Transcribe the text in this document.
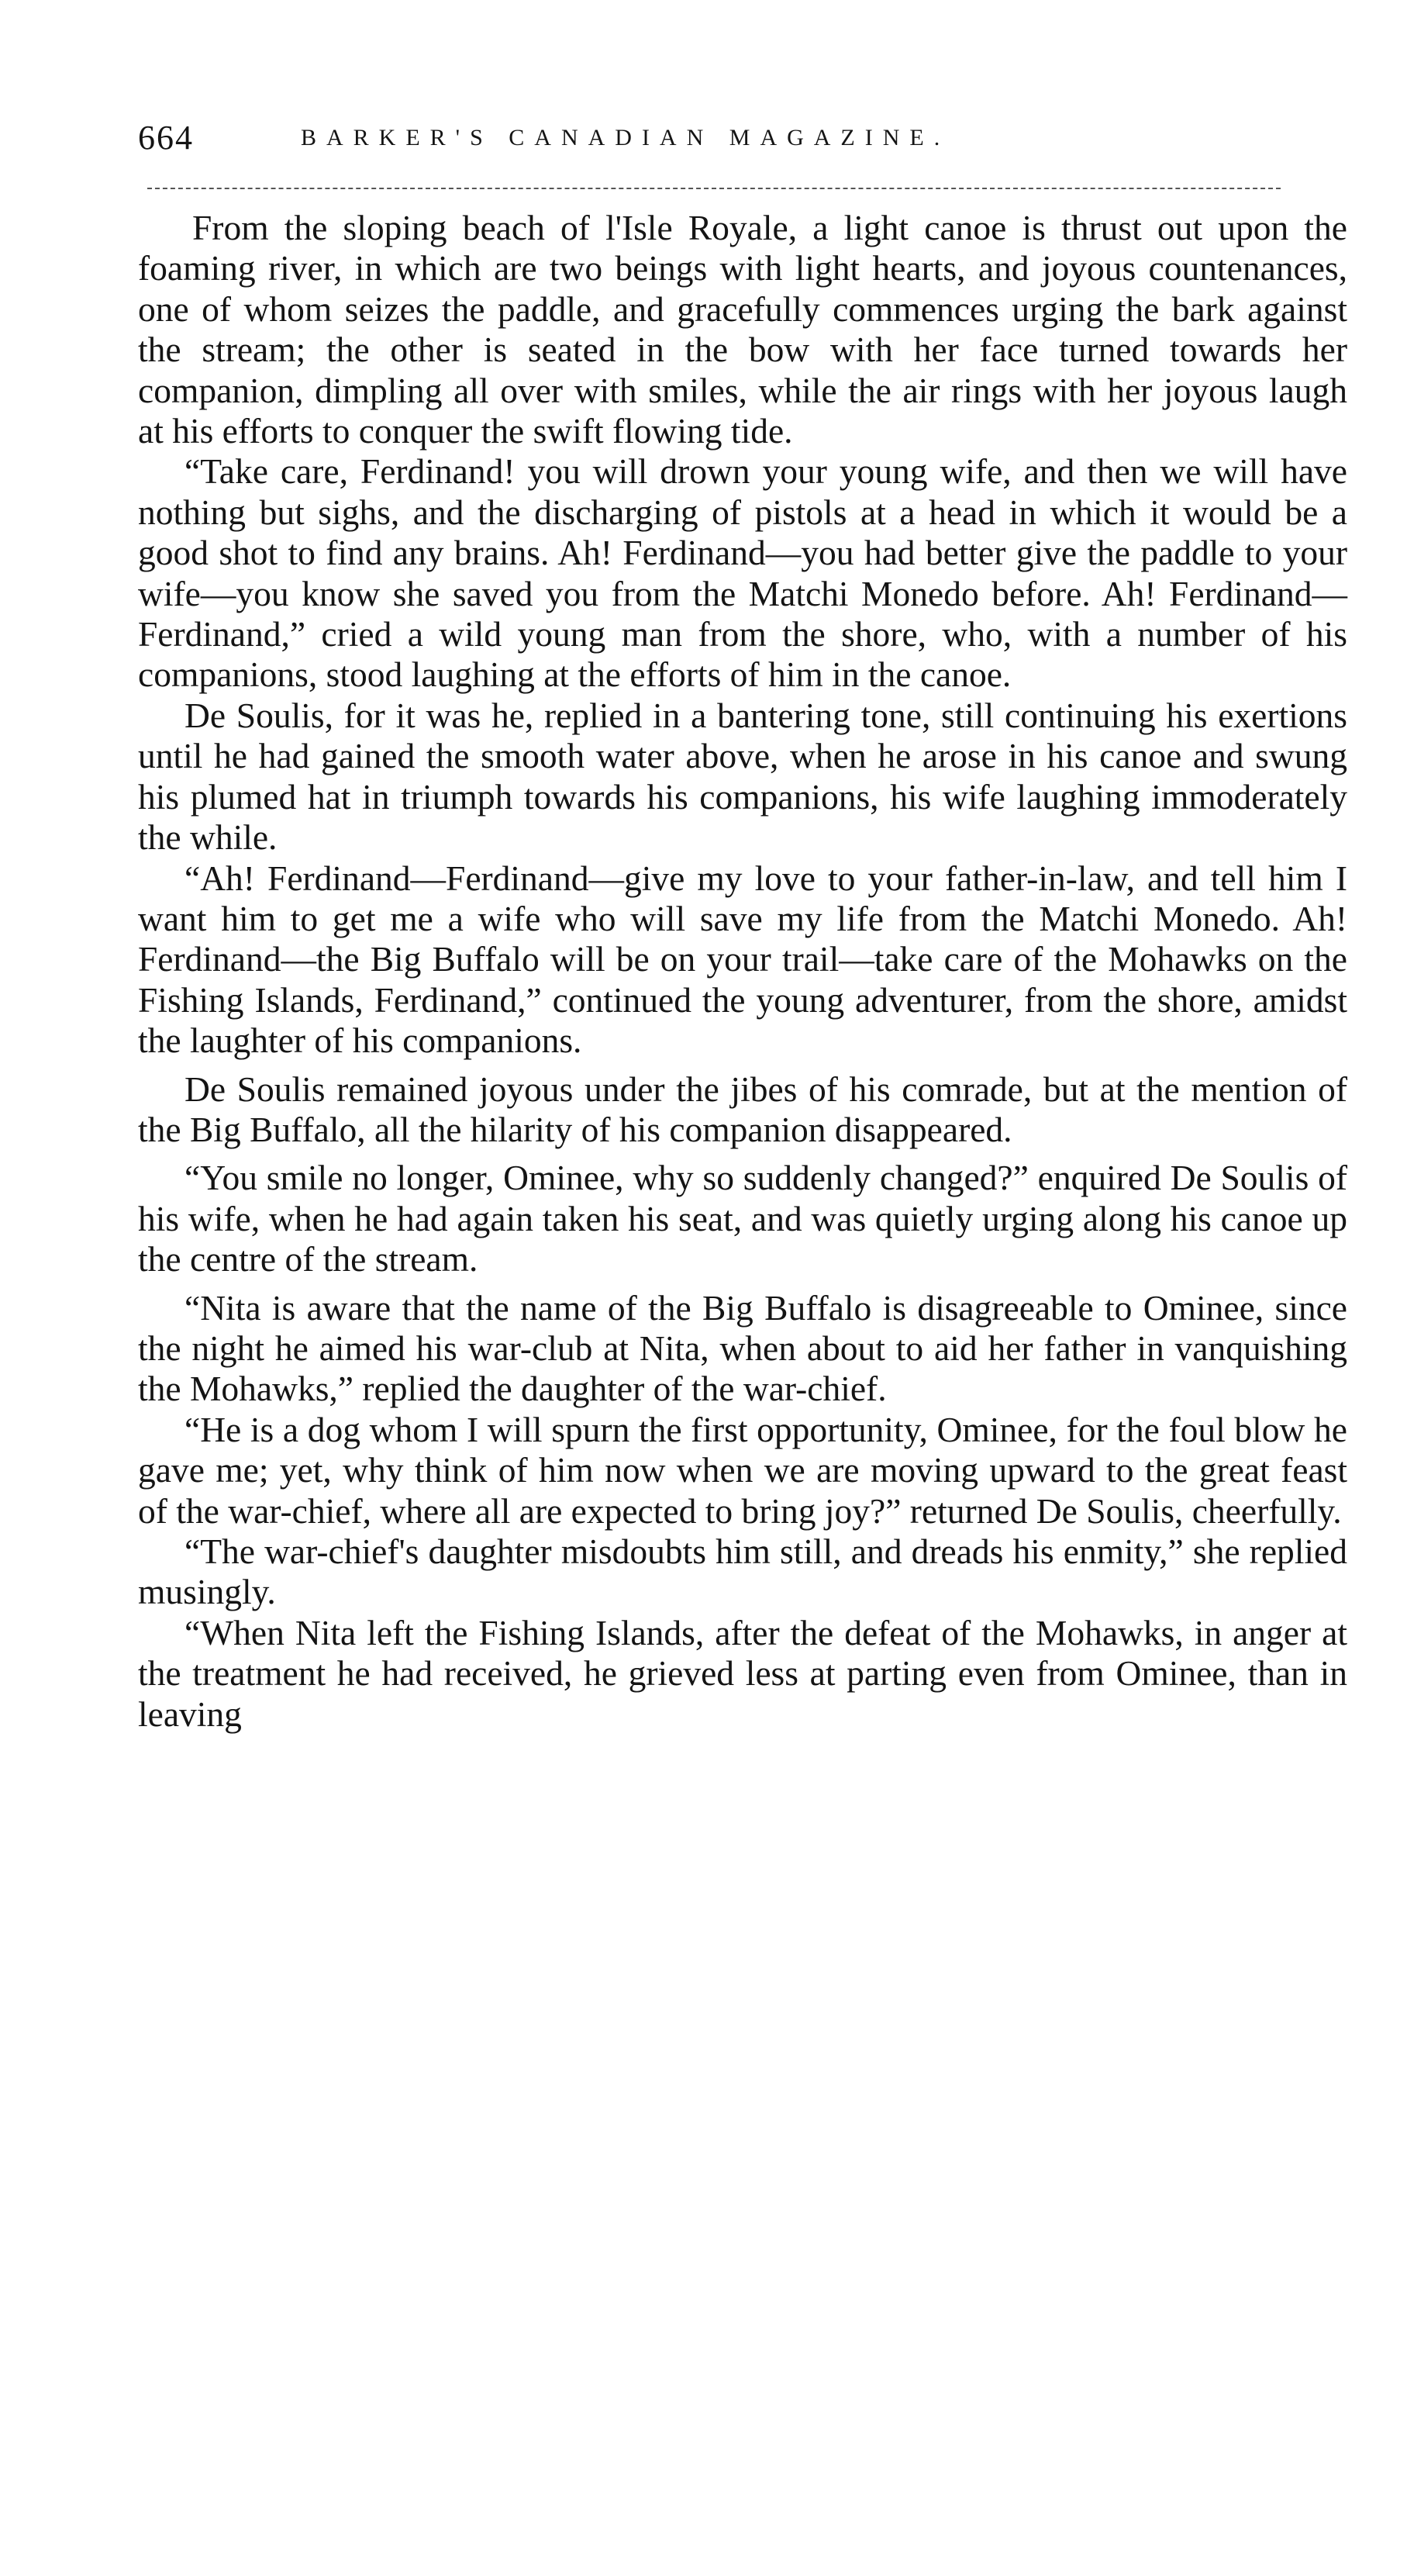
664	BARKER'S CANADIAN MAGAZINE.

From the sloping beach of l'Isle Royale, a light canoe is thrust out upon the foaming river, in which are two beings with light hearts, and joyous countenances, one of whom seizes the paddle, and gracefully commences urging the bark against the stream; the other is seated in the bow with her face turned towards her companion, dimpling all over with smiles, while the air rings with her joyous laugh at his efforts to conquer the swift flowing tide.

“Take care, Ferdinand! you will drown your young wife, and then we will have nothing but sighs, and the discharging of pistols at a head in which it would be a good shot to find any brains. Ah! Ferdinand—you had better give the paddle to your wife—you know she saved you from the Matchi Monedo before. Ah! Ferdinand—Ferdinand,” cried a wild young man from the shore, who, with a number of his companions, stood laughing at the efforts of him in the canoe.

De Soulis, for it was he, replied in a bantering tone, still continuing his exertions until he had gained the smooth water above, when he arose in his canoe and swung his plumed hat in triumph towards his companions, his wife laughing immoderately the while.

“Ah! Ferdinand—Ferdinand—give my love to your father-in-law, and tell him I want him to get me a wife who will save my life from the Matchi Monedo. Ah! Ferdinand—the Big Buffalo will be on your trail—take care of the Mohawks on the Fishing Islands, Ferdinand,” continued the young adventurer, from the shore, amidst the laughter of his companions.

De Soulis remained joyous under the jibes of his comrade, but at the mention of the Big Buffalo, all the hilarity of his companion disappeared.

“You smile no longer, Ominee, why so suddenly changed?” enquired De Soulis of his wife, when he had again taken his seat, and was quietly urging along his canoe up the centre of the stream.

“Nita is aware that the name of the Big Buffalo is disagreeable to Ominee, since the night he aimed his war-club at Nita, when about to aid her father in vanquishing the Mohawks,” replied the daughter of the war-chief.

“He is a dog whom I will spurn the first opportunity, Ominee, for the foul blow he gave me; yet, why think of him now when we are moving upward to the great feast of the war-chief, where all are expected to bring joy?” returned De Soulis, cheerfully.

“The war-chief's daughter misdoubts him still, and dreads his enmity,” she replied musingly.

“When Nita left the Fishing Islands, after the defeat of the Mohawks, in anger at the treatment he had received, he grieved less at parting even from Ominee, than in leaving
